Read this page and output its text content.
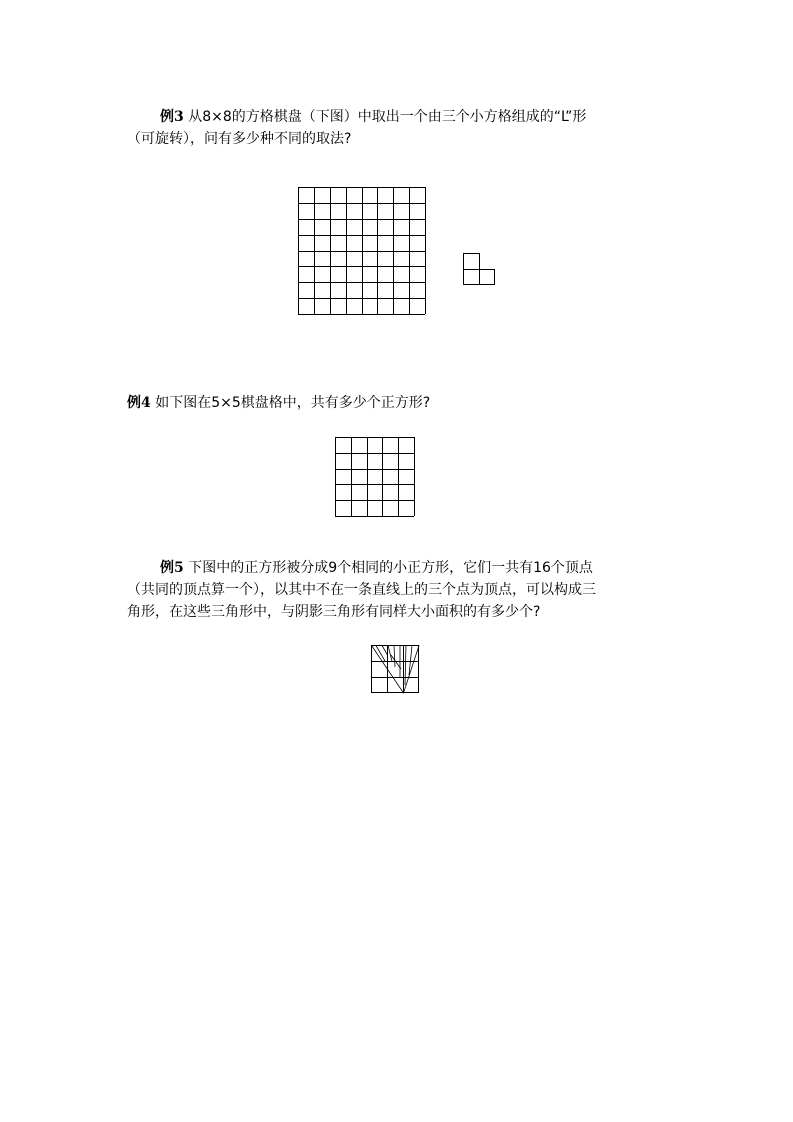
例3 从8×8的方格棋盘（下图）中取出一个由三个小方格组成的“L”形
（可旋转），问有多少种不同的取法?
例4 如下图在5×5棋盘格中，共有多少个正方形?
例5 下图中的正方形被分成9个相同的小正方形，它们一共有16个顶点
（共同的顶点算一个），以其中不在一条直线上的三个点为顶点，可以构成三
角形，在这些三角形中，与阴影三角形有同样大小面积的有多少个?
